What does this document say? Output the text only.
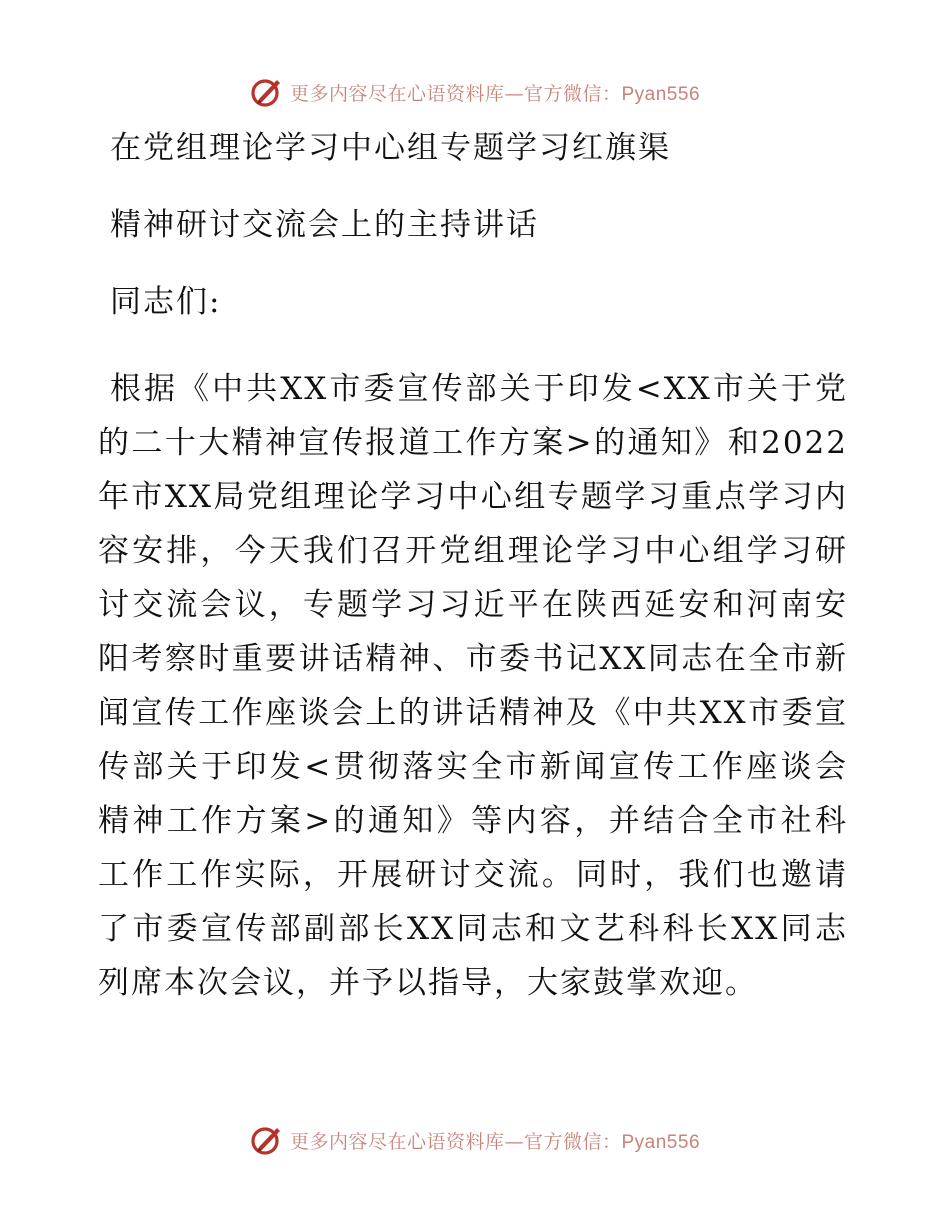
更多内容尽在心语资料库—官方微信：Pyan556
在党组理论学习中心组专题学习红旗渠
精神研讨交流会上的主持讲话

同志们:

根据《中共XX市委宣传部关于印发<XX市关于党的二十大精神宣传报道工作方案>的通知》和2022年市XX局党组理论学习中心组专题学习重点学习内容安排，今天我们召开党组理论学习中心组学习研讨交流会议，专题学习习近平在陕西延安和河南安阳考察时重要讲话精神、市委书记XX同志在全市新闻宣传工作座谈会上的讲话精神及《中共XX市委宣传部关于印发<贯彻落实全市新闻宣传工作座谈会精神工作方案>的通知》等内容，并结合全市社科工作工作实际，开展研讨交流。同时，我们也邀请了市委宣传部副部长XX同志和文艺科科长XX同志列席本次会议，并予以指导，大家鼓掌欢迎。

更多内容尽在心语资料库—官方微信：Pyan556
